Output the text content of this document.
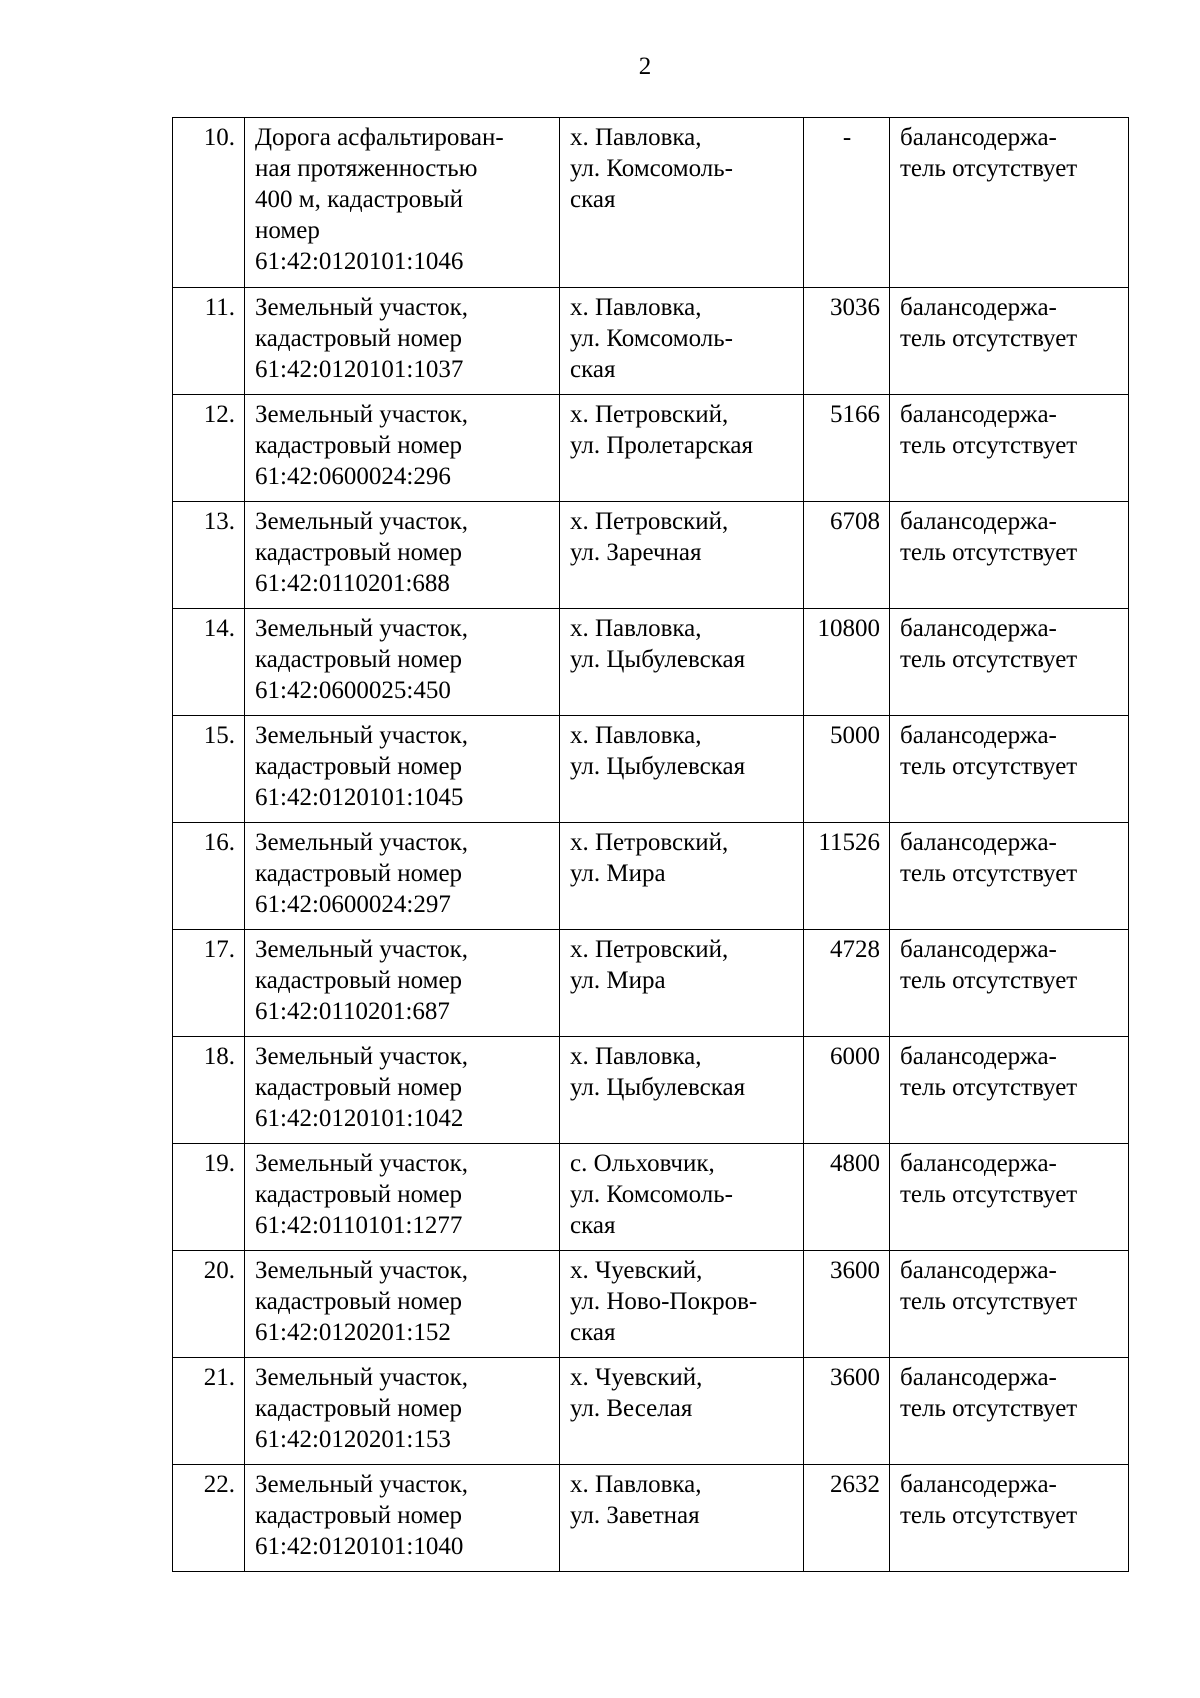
2
10.	Дорога асфальтирован-
ная протяженностью
400 м, кадастровый
номер
61:42:0120101:1046	х. Павловка,
ул. Комсомоль-
ская	-	балансодержа-
тель отсутствует

11.	Земельный участок,
кадастровый номер
61:42:0120101:1037	х. Павловка,
ул. Комсомоль-
ская	3036	балансодержа-
тель отсутствует

12.	Земельный участок,
кадастровый номер
61:42:0600024:296	х. Петровский,
ул. Пролетарская	5166	балансодержа-
тель отсутствует

13.	Земельный участок,
кадастровый номер
61:42:0110201:688	х. Петровский,
ул. Заречная	6708	балансодержа-
тель отсутствует

14.	Земельный участок,
кадастровый номер
61:42:0600025:450	х. Павловка,
ул. Цыбулевская	10800	балансодержа-
тель отсутствует

15.	Земельный участок,
кадастровый номер
61:42:0120101:1045	х. Павловка,
ул. Цыбулевская	5000	балансодержа-
тель отсутствует

16.	Земельный участок,
кадастровый номер
61:42:0600024:297	х. Петровский,
ул. Мира	11526	балансодержа-
тель отсутствует

17.	Земельный участок,
кадастровый номер
61:42:0110201:687	х. Петровский,
ул. Мира	4728	балансодержа-
тель отсутствует

18.	Земельный участок,
кадастровый номер
61:42:0120101:1042	х. Павловка,
ул. Цыбулевская	6000	балансодержа-
тель отсутствует

19.	Земельный участок,
кадастровый номер
61:42:0110101:1277	с. Ольховчик,
ул. Комсомоль-
ская	4800	балансодержа-
тель отсутствует

20.	Земельный участок,
кадастровый номер
61:42:0120201:152	х. Чуевский,
ул. Ново-Покров-
ская	3600	балансодержа-
тель отсутствует

21.	Земельный участок,
кадастровый номер
61:42:0120201:153	х. Чуевский,
ул. Веселая	3600	балансодержа-
тель отсутствует

22.	Земельный участок,
кадастровый номер
61:42:0120101:1040	х. Павловка,
ул. Заветная	2632	балансодержа-
тель отсутствует
